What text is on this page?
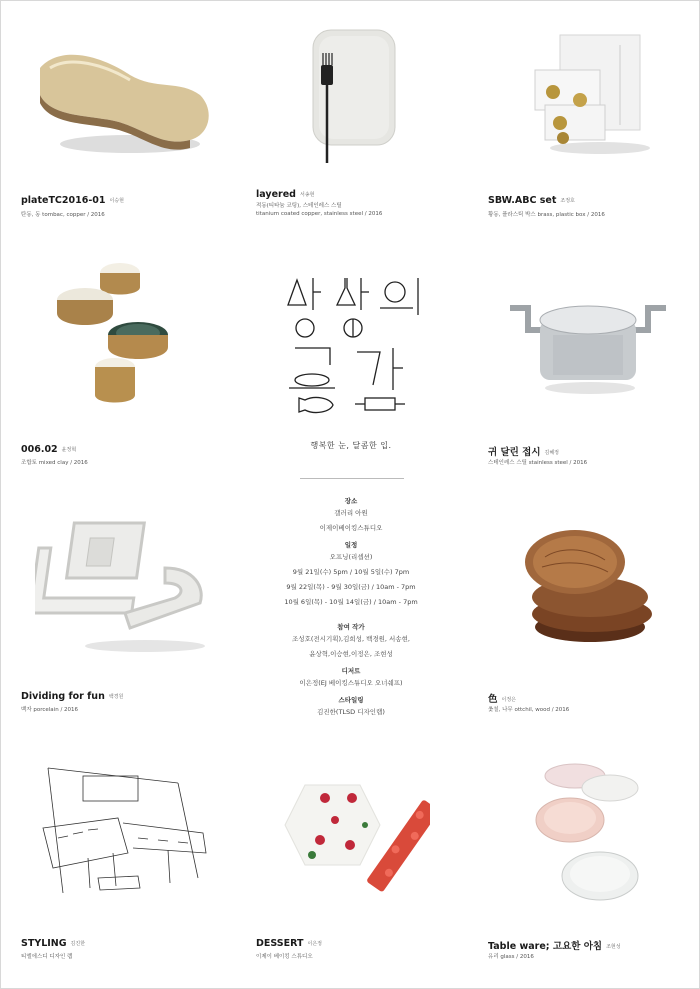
plateTC2016-01 이승현
탄동, 동 tombac, copper / 2016
layered 서송현
적동(티타늄 코팅), 스테인레스 스틸
titanium coated copper, stainless steel / 2016
SBW.ABC set 조정호
황동, 플라스틱 박스 brass, plastic box / 2016
006.02 윤정혁
조합토 mixed clay / 2016
행복한 눈, 달콤한 입.
귀 달린 접시 김혜정
스테인레스 스틸 stainless steel / 2016
장소
갤러리 아원
이제이베이킹스튜디오
일정
오프닝(리셉션)
9월 21일(수) 5pm / 10월 5일(수) 7pm
9월 22일(목) - 9월 30일(금) / 10am - 7pm
10월 6일(목) - 10월 14일(금) / 10am - 7pm
참여 작가
조성호(전시기획),김희성, 백경원, 서송현,
윤상혁,이승현,이정은, 조현성
디저트
이은정(EJ 베이킹스튜디오 오너쉐프)
스타일링
김진한(TLSD 디자인랩)
Dividing for fun 백경원
백자 porcelain / 2016
色이정은
옻칠, 나무 ottchil, wood / 2016
STYLING 김진한
티엘에스디 디자인 랩
DESSERT 이은정
이제이 베이킹 스튜디오
Table ware; 고요한 아침 조현성
유리 glass / 2016
